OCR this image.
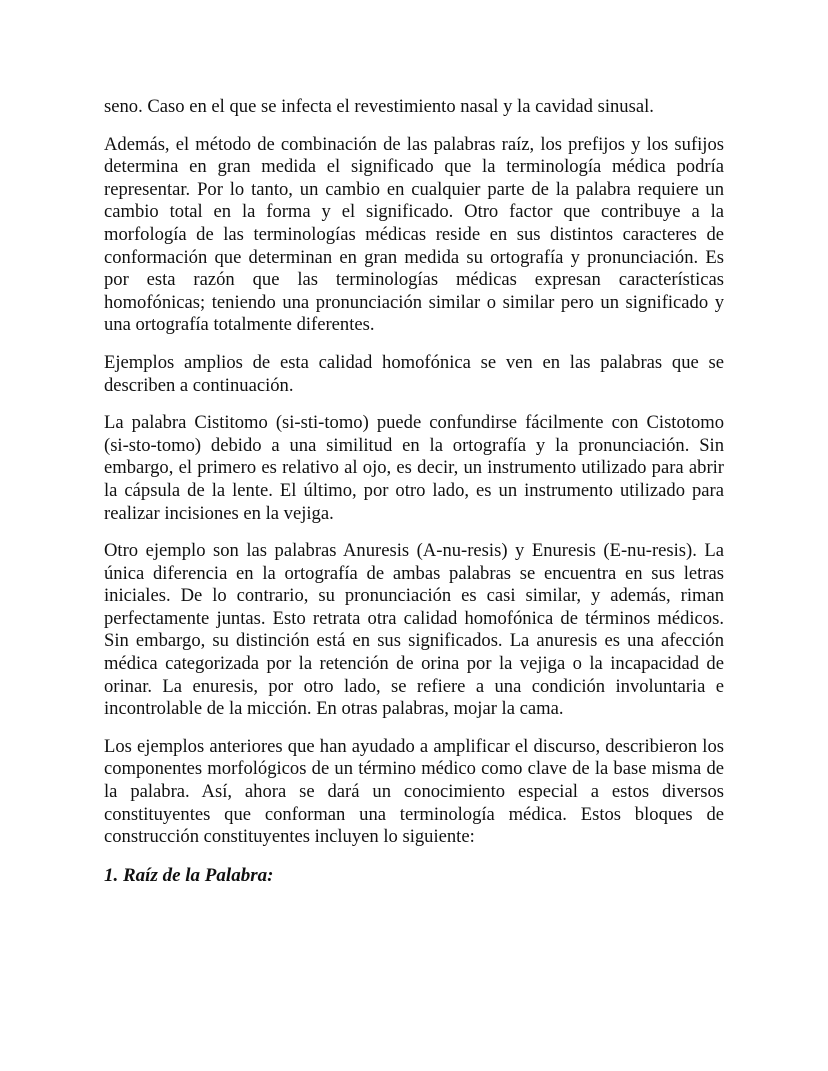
seno. Caso en el que se infecta el revestimiento nasal y la cavidad sinusal.

Además, el método de combinación de las palabras raíz, los prefijos y los sufijos determina en gran medida el significado que la terminología médica podría representar. Por lo tanto, un cambio en cualquier parte de la palabra requiere un cambio total en la forma y el significado. Otro factor que contribuye a la morfología de las terminologías médicas reside en sus distintos caracteres de conformación que determinan en gran medida su ortografía y pronunciación. Es por esta razón que las terminologías médicas expresan características homofónicas; teniendo una pronunciación similar o similar pero un significado y una ortografía totalmente diferentes.

Ejemplos amplios de esta calidad homofónica se ven en las palabras que se describen a continuación.

La palabra Cistitomo (si-sti-tomo) puede confundirse fácilmente con Cistotomo (si-sto-tomo) debido a una similitud en la ortografía y la pronunciación. Sin embargo, el primero es relativo al ojo, es decir, un instrumento utilizado para abrir la cápsula de la lente. El último, por otro lado, es un instrumento utilizado para realizar incisiones en la vejiga.

Otro ejemplo son las palabras Anuresis (A-nu-resis) y Enuresis (E-nu-resis). La única diferencia en la ortografía de ambas palabras se encuentra en sus letras iniciales. De lo contrario, su pronunciación es casi similar, y además, riman perfectamente juntas. Esto retrata otra calidad homofónica de términos médicos. Sin embargo, su distinción está en sus significados. La anuresis es una afección médica categorizada por la retención de orina por la vejiga o la incapacidad de orinar. La enuresis, por otro lado, se refiere a una condición involuntaria e incontrolable de la micción. En otras palabras, mojar la cama.

Los ejemplos anteriores que han ayudado a amplificar el discurso, describieron los componentes morfológicos de un término médico como clave de la base misma de la palabra. Así, ahora se dará un conocimiento especial a estos diversos constituyentes que conforman una terminología médica. Estos bloques de construcción constituyentes incluyen lo siguiente:

1. Raíz de la Palabra:
